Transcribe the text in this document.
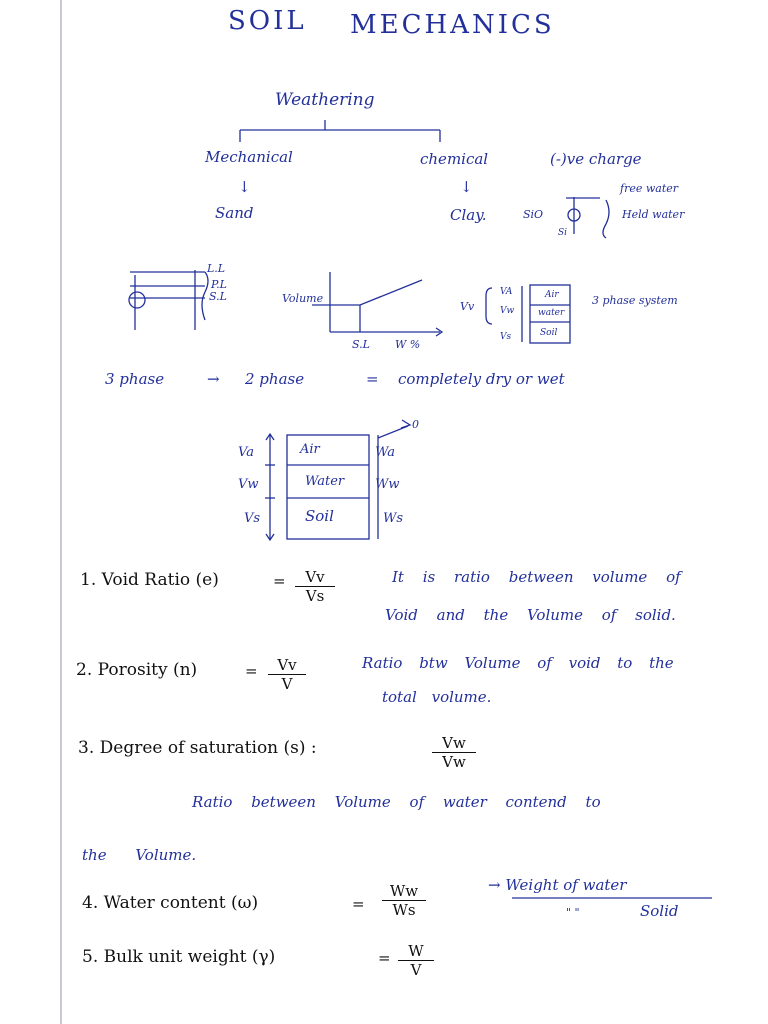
SOIL MECHANICS
Weathering
Mechanical	chemical	(-)ve charge
↓	↓	free water
Sand	Clay.	SiO
Si
Held water
L.L
P.L
S.L	Volume
S.L W %
Vv
VA
Vw
Vs
Air
water
Soil
3 phase system
3 phase	→ 2 phase	= completely dry or wet
Va
Vw
Vs
Air
Water
Soil
Wa
Ww
Ws
0
1. Void Ratio (e)	= $\frac{Vv}{Vs}$	It is ratio between volume of
Void and the Volume of solid.
2. Porosity (n)	= $\frac{Vv}{V}$	Ratio btw Volume of void to the
total volume.
3. Degree of saturation (s) :	$\frac{Vw}{Vw}$
Ratio between Volume of water contend to
the Volume.
4. Water content (ω)	= $\frac{Ww}{Ws}$	→ Weight of water
" "	Solid
5. Bulk unit weight (γ)	= $\frac{W}{V}$
